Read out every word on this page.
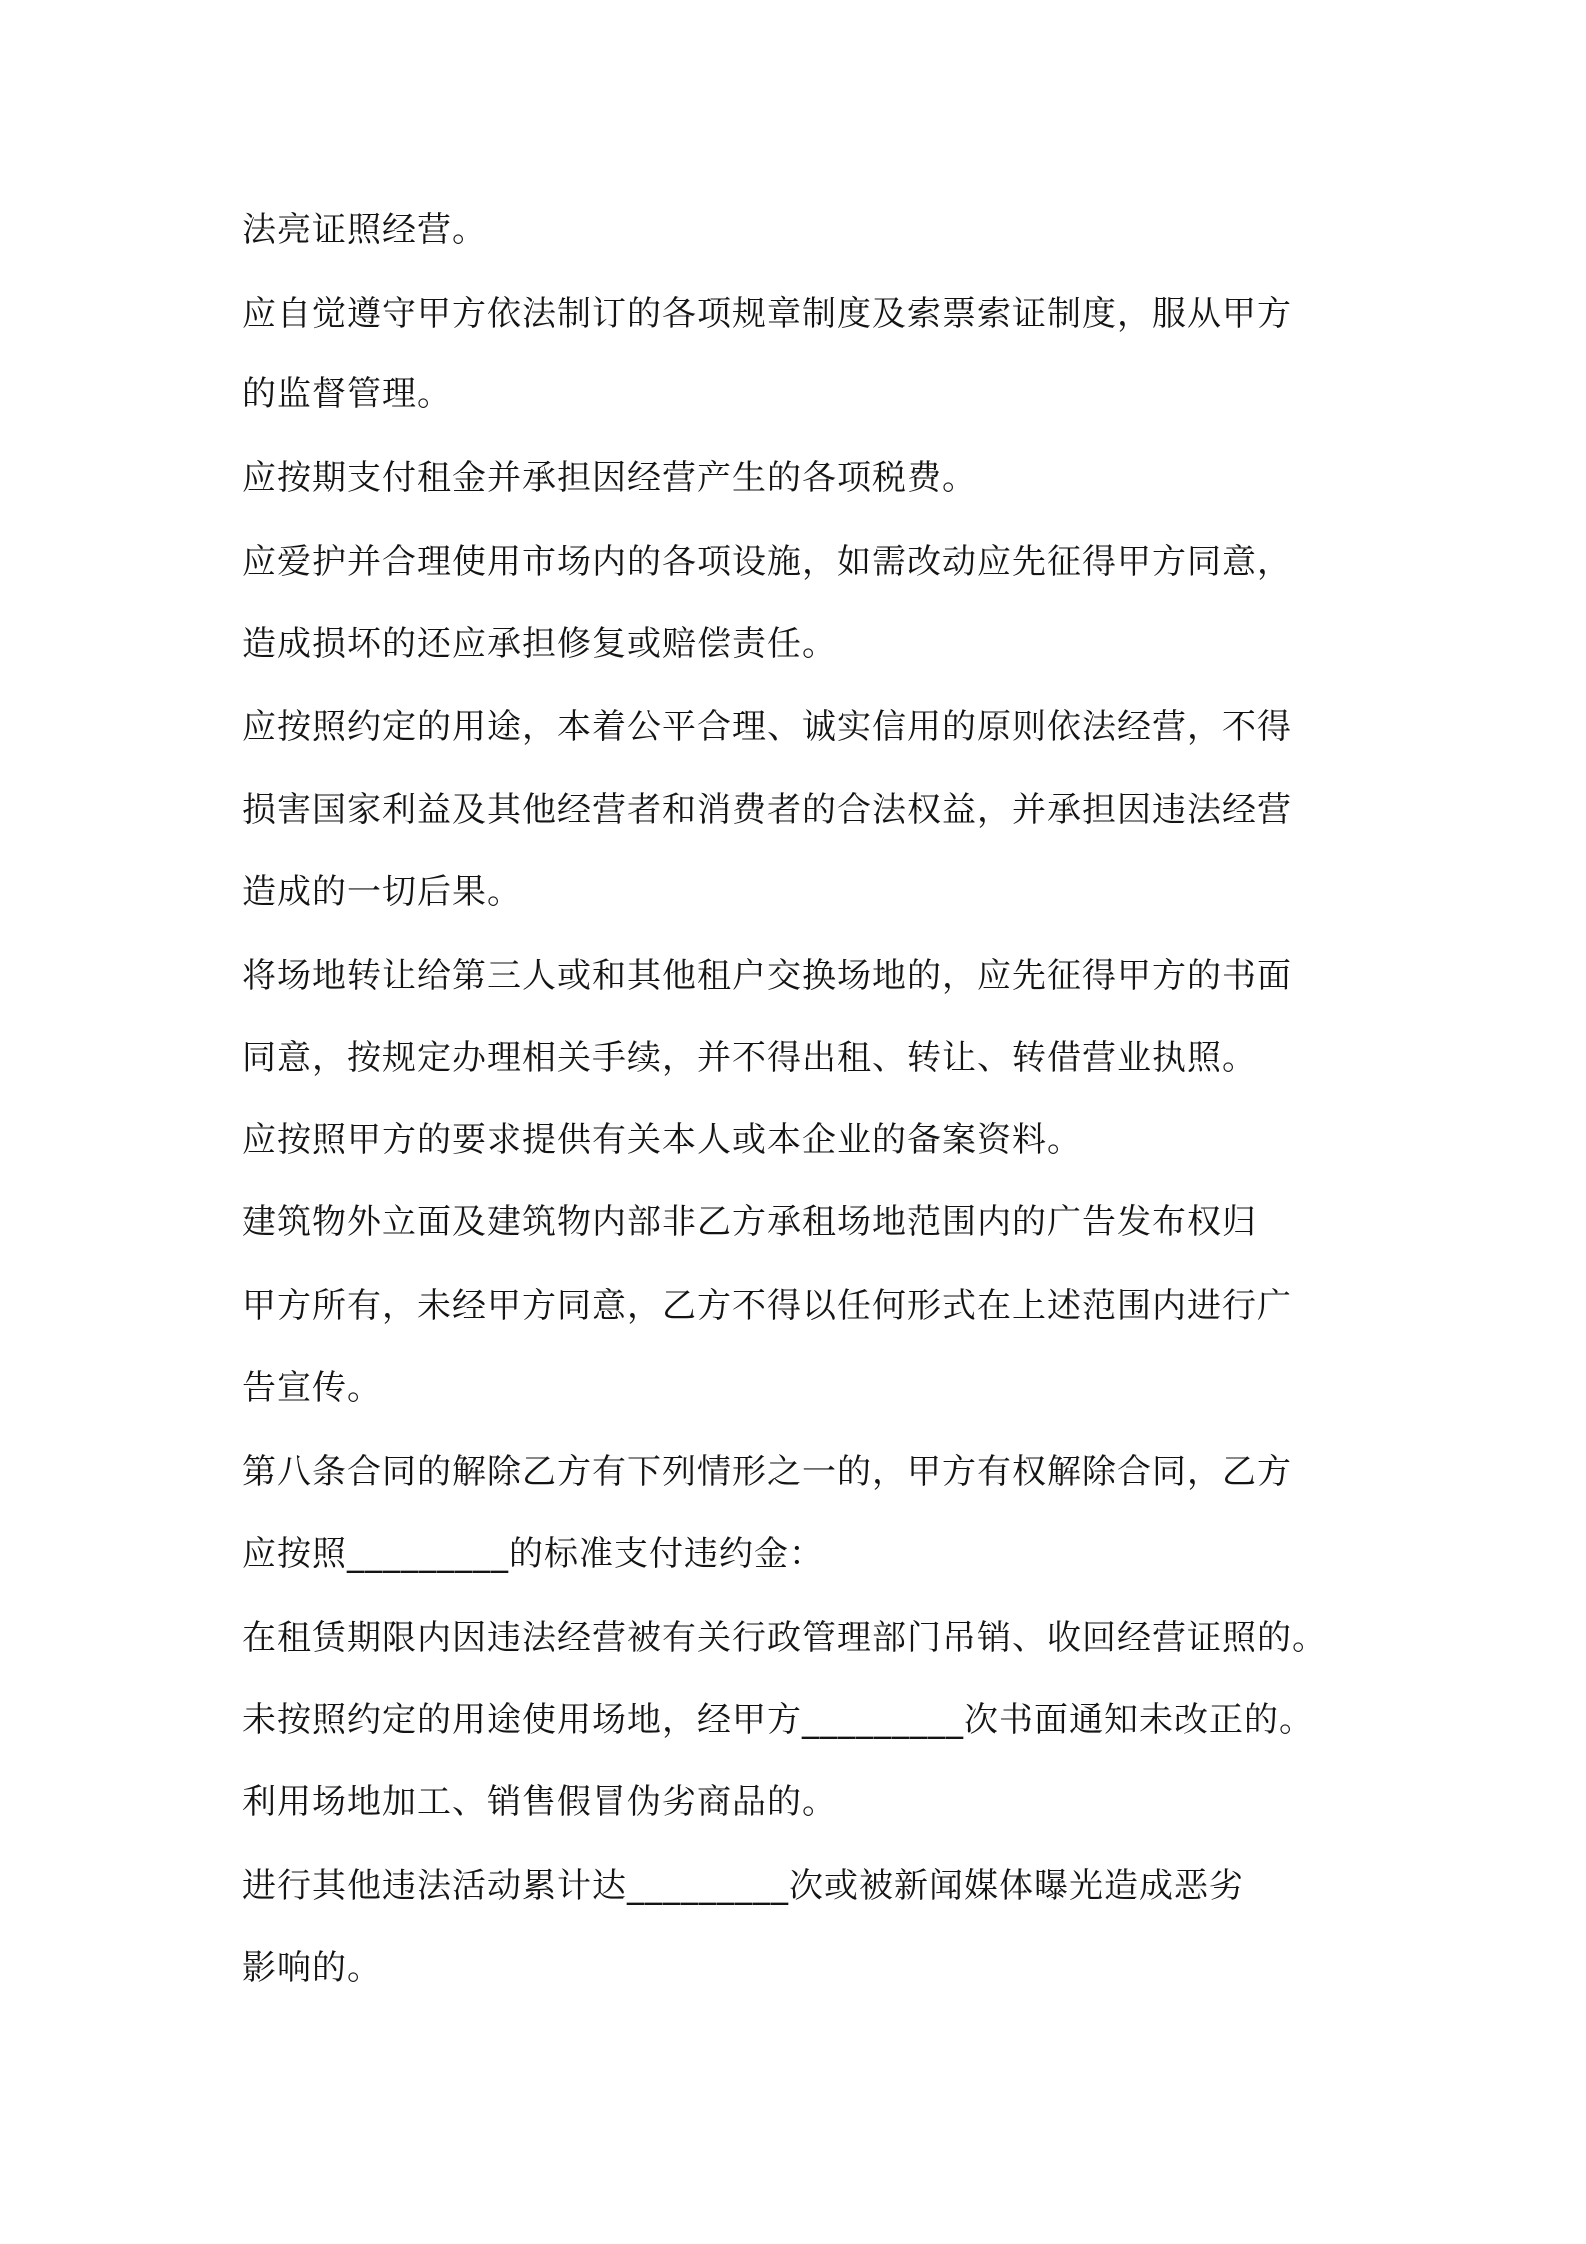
法亮证照经营。
应自觉遵守甲方依法制订的各项规章制度及索票索证制度，服从甲方
的监督管理。
应按期支付租金并承担因经营产生的各项税费。
应爱护并合理使用市场内的各项设施，如需改动应先征得甲方同意，
造成损坏的还应承担修复或赔偿责任。
应按照约定的用途，本着公平合理、诚实信用的原则依法经营，不得
损害国家利益及其他经营者和消费者的合法权益，并承担因违法经营
造成的一切后果。
将场地转让给第三人或和其他租户交换场地的，应先征得甲方的书面
同意，按规定办理相关手续，并不得出租、转让、转借营业执照。
应按照甲方的要求提供有关本人或本企业的备案资料。
建筑物外立面及建筑物内部非乙方承租场地范围内的广告发布权归
甲方所有，未经甲方同意，乙方不得以任何形式在上述范围内进行广
告宣传。
第八条合同的解除乙方有下列情形之一的，甲方有权解除合同，乙方
应按照_________的标准支付违约金：
在租赁期限内因违法经营被有关行政管理部门吊销、收回经营证照的。
未按照约定的用途使用场地，经甲方_________次书面通知未改正的。
利用场地加工、销售假冒伪劣商品的。
进行其他违法活动累计达_________次或被新闻媒体曝光造成恶劣
影响的。
